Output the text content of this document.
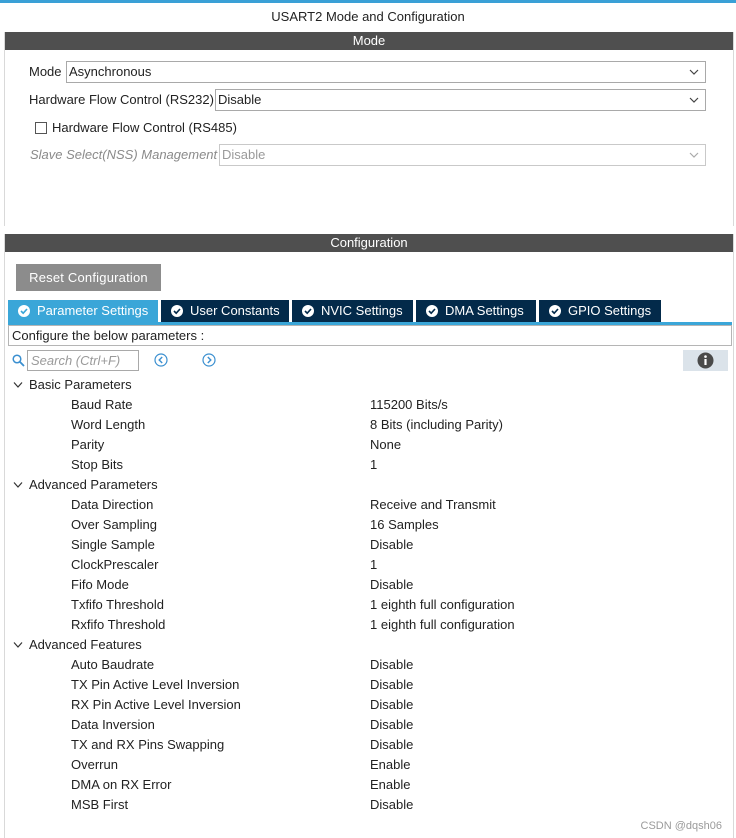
USART2 Mode and Configuration
Mode
Mode Asynchronous
Hardware Flow Control (RS232) Disable
Hardware Flow Control (RS485)
Slave Select(NSS) Management Disable
Configuration
Reset Configuration
Parameter Settings	User Constants	NVIC Settings	DMA Settings	GPIO Settings
Configure the below parameters :
Search (Ctrl+F)
Basic Parameters
Baud Rate	115200 Bits/s
Word Length	8 Bits (including Parity)
Parity	None
Stop Bits	1
Advanced Parameters
Data Direction	Receive and Transmit
Over Sampling	16 Samples
Single Sample	Disable
ClockPrescaler	1
Fifo Mode	Disable
Txfifo Threshold	1 eighth full configuration
Rxfifo Threshold	1 eighth full configuration
Advanced Features
Auto Baudrate	Disable
TX Pin Active Level Inversion	Disable
RX Pin Active Level Inversion	Disable
Data Inversion	Disable
TX and RX Pins Swapping	Disable
Overrun	Enable
DMA on RX Error	Enable
MSB First	Disable
CSDN @dqsh06
